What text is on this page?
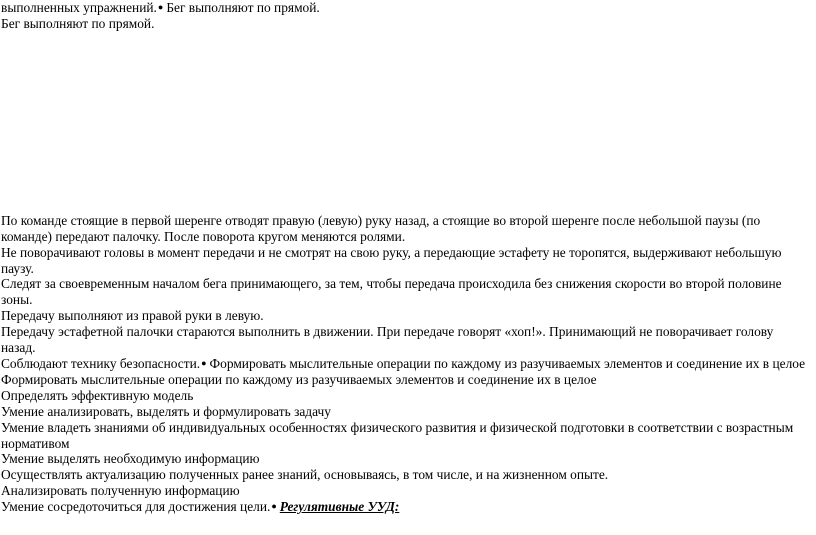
выполненных упражнений.● Бег выполняют по прямой.

Бег выполняют по прямой.

По команде стоящие в первой шеренге отводят правую (левую) руку назад, а стоящие во второй шеренге после небольшой паузы (по команде) передают палочку. После поворота кругом меняются ролями.

Не поворачивают головы в момент передачи и не смотрят на свою руку, а передающие эстафету не торопятся, выдерживают небольшую паузу.

Следят за своевременным началом бега принимающего, за тем, чтобы передача происходила без снижения скорости во второй половине зоны.

Передачу выполняют из правой руки в левую.

Передачу эстафетной палочки стараются выполнить в движении. При передаче говорят «хоп!». Принимающий не поворачивает голову назад.

Соблюдают технику безопасности.● Формировать мыслительные операции по каждому из разучиваемых элементов и соединение их в целое

Формировать мыслительные операции по каждому из разучиваемых элементов и соединение их в целое

Определять эффективную модель

Умение анализировать, выделять и формулировать задачу

Умение владеть знаниями об индивидуальных особенностях физического развития и физической подготовки в соответствии с возрастным нормативом

Умение выделять необходимую информацию

Осуществлять актуализацию полученных ранее знаний, основываясь, в том числе, и на жизненном опыте.

Анализировать полученную информацию

Умение сосредоточиться для достижения цели.● Регулятивные УУД:
